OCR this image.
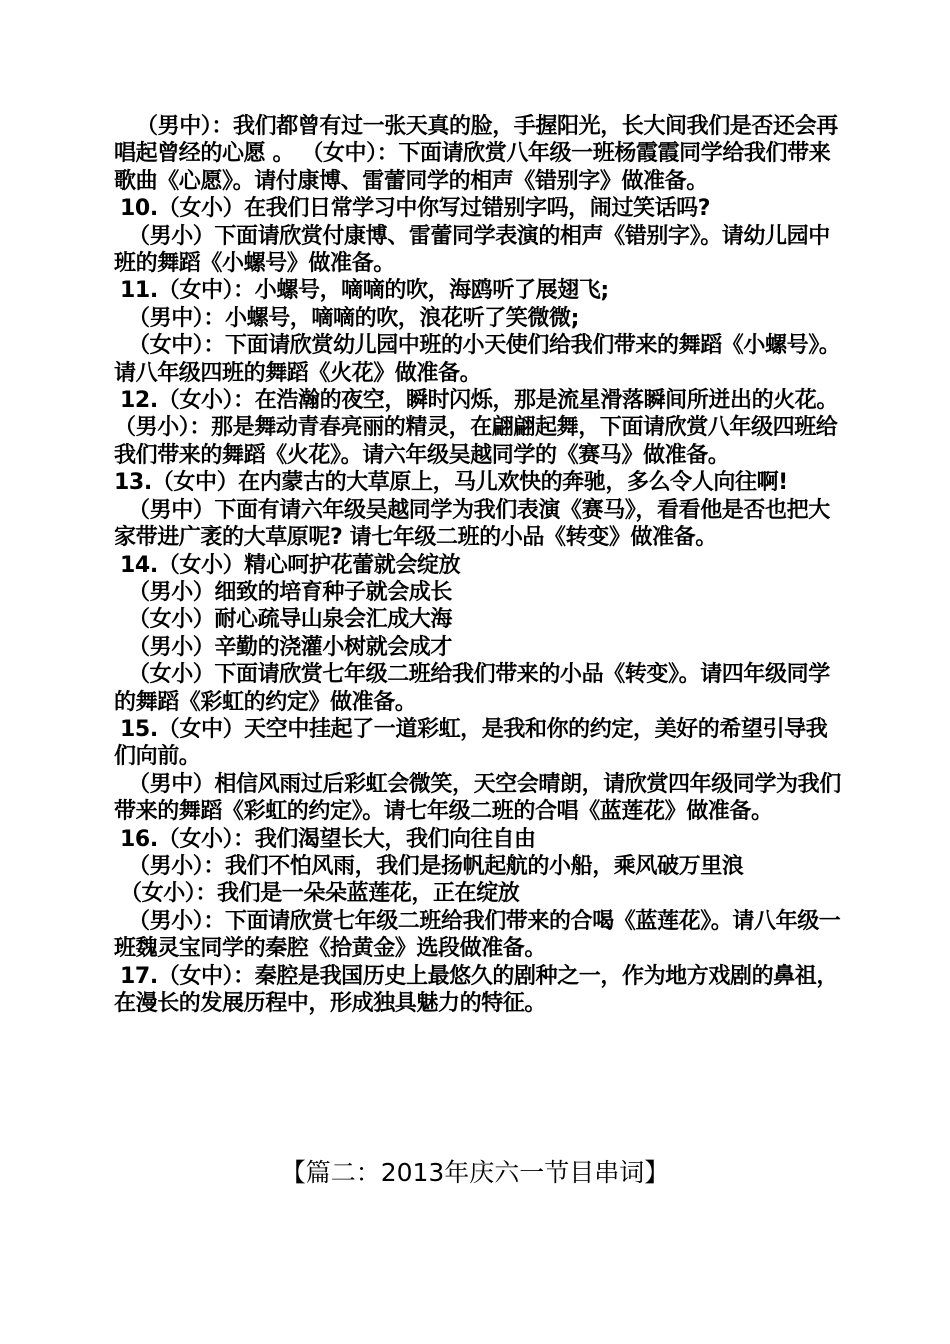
（男中）：我们都曾有过一张天真的脸，手握阳光，长大间我们是否还会再唱起曾经的心愿 。 （女中）：下面请欣赏八年级一班杨霞霞同学给我们带来歌曲《心愿》。请付康博、雷蕾同学的相声《错别字》做准备。

10.（女小）在我们日常学习中你写过错别字吗，闹过笑话吗?

（男小）下面请欣赏付康博、雷蕾同学表演的相声《错别字》。请幼儿园中班的舞蹈《小螺号》做准备。

11.（女中）：小螺号，嘀嘀的吹，海鸥听了展翅飞;

（男中）：小螺号，嘀嘀的吹，浪花听了笑微微;

（女中）：下面请欣赏幼儿园中班的小天使们给我们带来的舞蹈《小螺号》。请八年级四班的舞蹈《火花》做准备。

12.（女小）：在浩瀚的夜空，瞬时闪烁，那是流星滑落瞬间所迸出的火花。 （男小）：那是舞动青春亮丽的精灵，在翩翩起舞，下面请欣赏八年级四班给我们带来的舞蹈《火花》。请六年级吴越同学的《赛马》做准备。

13.（女中）在内蒙古的大草原上，马儿欢快的奔驰，多么令人向往啊!

（男中）下面有请六年级吴越同学为我们表演《赛马》，看看他是否也把大家带进广袤的大草原呢? 请七年级二班的小品《转变》做准备。

14.（女小）精心呵护花蕾就会绽放

（男小）细致的培育种子就会成长

（女小）耐心疏导山泉会汇成大海

（男小）辛勤的浇灌小树就会成才

（女小）下面请欣赏七年级二班给我们带来的小品《转变》。请四年级同学的舞蹈《彩虹的约定》做准备。

15.（女中）天空中挂起了一道彩虹，是我和你的约定，美好的希望引导我们向前。

（男中）相信风雨过后彩虹会微笑，天空会晴朗，请欣赏四年级同学为我们带来的舞蹈《彩虹的约定》。请七年级二班的合唱《蓝莲花》做准备。

16.（女小）：我们渴望长大，我们向往自由

（男小）：我们不怕风雨，我们是扬帆起航的小船，乘风破万里浪

（女小）：我们是一朵朵蓝莲花，正在绽放

（男小）：下面请欣赏七年级二班给我们带来的合喝《蓝莲花》。请八年级一班魏灵宝同学的秦腔《拾黄金》选段做准备。

17.（女中）：秦腔是我国历史上最悠久的剧种之一，作为地方戏剧的鼻祖，在漫长的发展历程中，形成独具魅力的特征。

【篇二：2013年庆六一节目串词】
